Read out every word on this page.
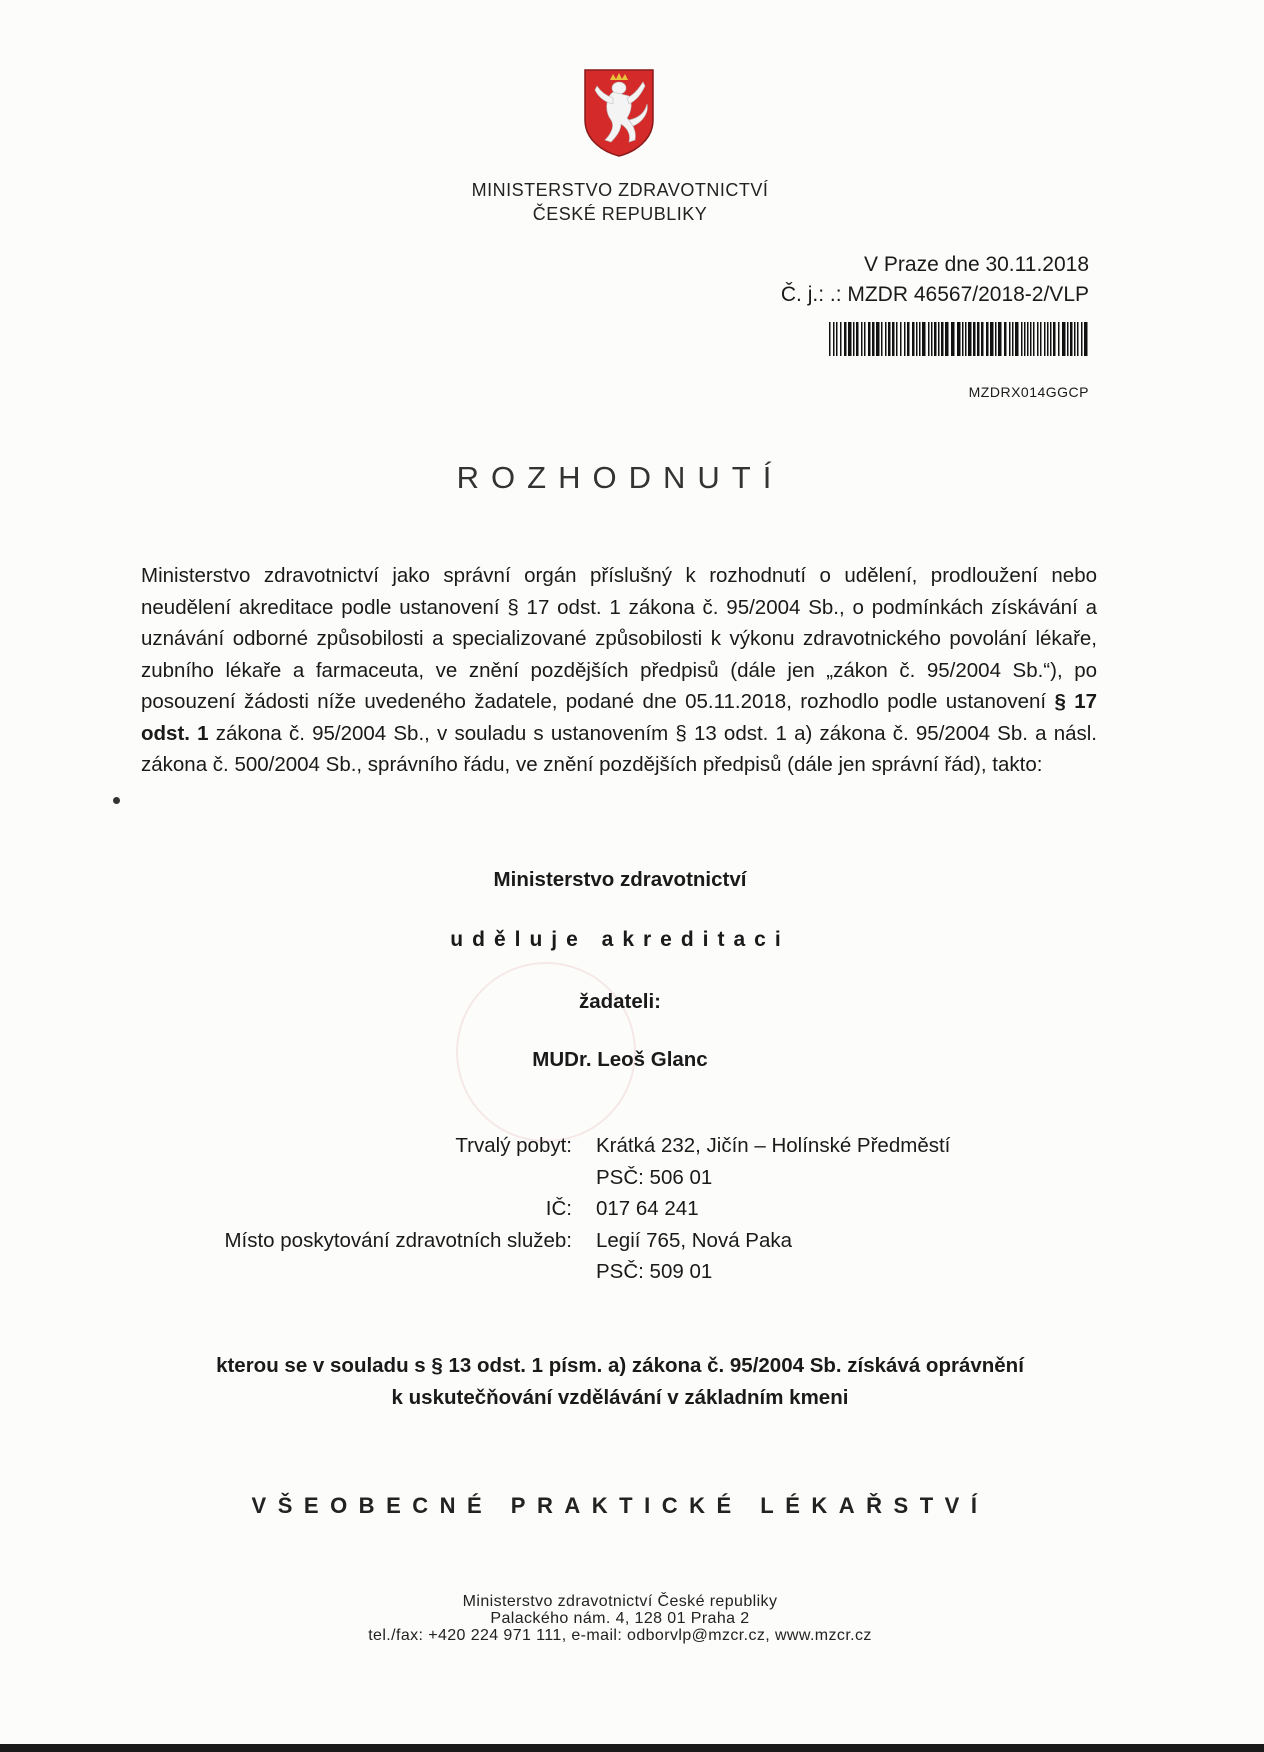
MINISTERSTVO ZDRAVOTNICTVÍ
ČESKÉ REPUBLIKY
V Praze dne 30.11.2018
Č. j.: .: MZDR 46567/2018-2/VLP
MZDRX014GGCP
ROZHODNUTÍ
Ministerstvo zdravotnictví jako správní orgán příslušný k rozhodnutí o udělení, prodloužení nebo neudělení akreditace podle ustanovení § 17 odst. 1 zákona č. 95/2004 Sb., o podmínkách získávání a uznávání odborné způsobilosti a specializované způsobilosti k výkonu zdravotnického povolání lékaře, zubního lékaře a farmaceuta, ve znění pozdějších předpisů (dále jen „zákon č. 95/2004 Sb.“), po posouzení žádosti níže uvedeného žadatele, podané dne 05.11.2018, rozhodlo podle ustanovení § 17 odst. 1 zákona č. 95/2004 Sb., v souladu s ustanovením § 13 odst. 1 a) zákona č. 95/2004 Sb. a násl. zákona č. 500/2004 Sb., správního řádu, ve znění pozdějších předpisů (dále jen správní řád), takto:
Ministerstvo zdravotnictví
uděluje akreditaci
žadateli:
MUDr. Leoš Glanc
Trvalý pobyt:
IČ:
Místo poskytování zdravotních služeb:
Krátká 232, Jičín – Holínské Předměstí
PSČ: 506 01
017 64 241
Legií 765, Nová Paka
PSČ: 509 01
kterou se v souladu s § 13 odst. 1 písm. a) zákona č. 95/2004 Sb. získává oprávnění
k uskutečňování vzdělávání v základním kmeni
VŠEOBECNÉ PRAKTICKÉ LÉKAŘSTVÍ
Ministerstvo zdravotnictví České republiky
Palackého nám. 4, 128 01 Praha 2
tel./fax: +420 224 971 111, e-mail: odborvlp@mzcr.cz, www.mzcr.cz
